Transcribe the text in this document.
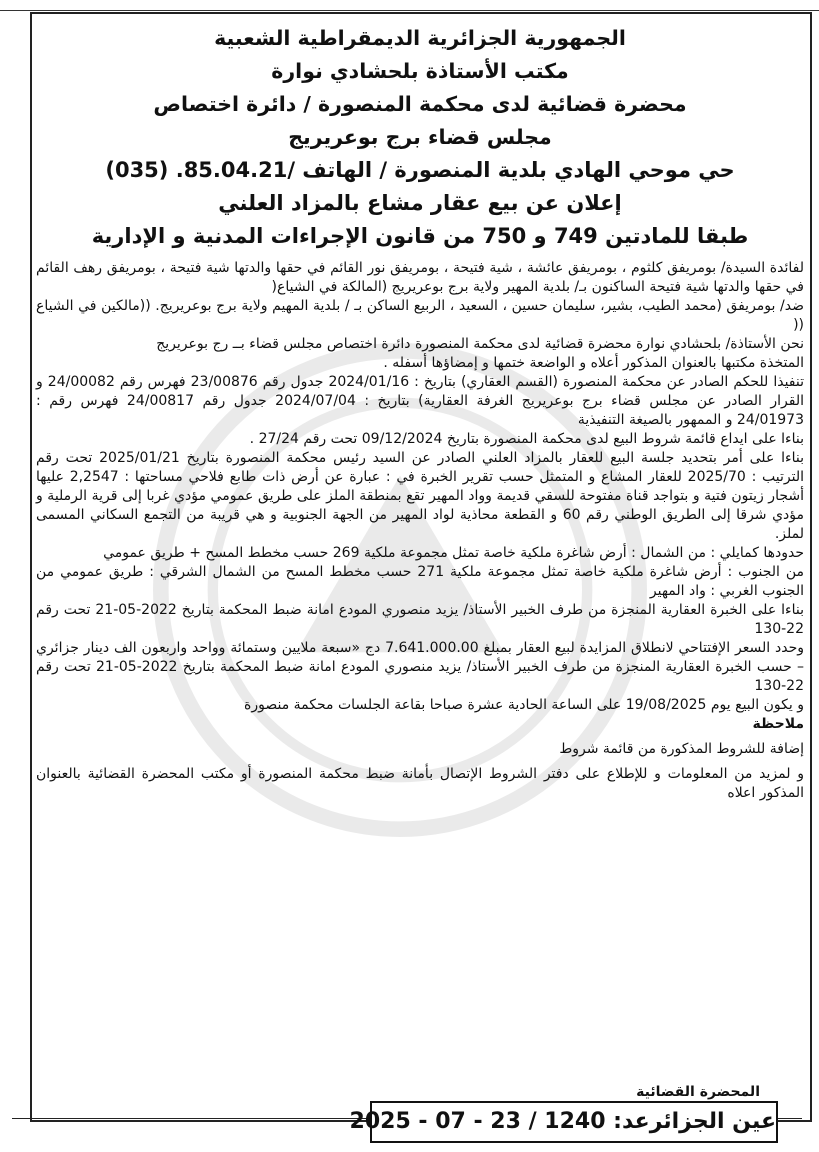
الجمهورية الجزائرية الديمقراطية الشعبية

مكتب الأستاذة بلحشادي نوارة

محضرة قضائية لدى محكمة المنصورة / دائرة اختصاص

مجلس قضاء برج بوعريريج

حي موحي الهادي بلدية المنصورة / الهاتف /85.04.21. (035)

إعلان عن بيع عقار مشاع بالمزاد العلني

طبقا للمادتين 749 و 750 من قانون الإجراءات المدنية و الإدارية

لفائدة السيدة/ بومريفق كلثوم ، بومريفق عائشة ، شية فتيحة ، بومريفق نور القائم في حقها والدتها شية فتيحة ، بومريفق رهف القائم في حقها والدتها شية فتيحة الساكنون بـ/ بلدية المهير ولاية برج بوعريريج (المالكة في الشياع(

ضد/ بومريفق (محمد الطيب، بشير، سليمان حسين ، السعيد ، الربيع الساكن بـ / بلدية المهيم ولاية برج بوعريريج. ((مالكين في الشياع ((

نحن الأستاذة/ بلحشادي نوارة محضرة قضائية لدى محكمة المنصورة دائرة اختصاص مجلس قضاء بــ رج بوعريريج

المتخذة مكتبها بالعنوان المذكور أعلاه و الواضعة ختمها و إمضاؤها أسفله .

تنفيذا للحكم الصادر عن محكمة المنصورة (القسم العقاري) بتاريخ : 2024/01/16 جدول رقم 23/00876 فهرس رقم 24/00082 و القرار الصادر عن مجلس قضاء برج بوعريريج الغرفة العقارية) بتاريخ : 2024/07/04 جدول رقم 24/00817 فهرس رقم : 24/01973 و الممهور بالصيغة التنفيذية

بناءا على ايداع قائمة شروط البيع لدى محكمة المنصورة بتاريخ 09/12/2024 تحت رقم 27/24 .

بناءا على أمر بتحديد جلسة البيع للعقار بالمزاد العلني الصادر عن السيد رئيس محكمة المنصورة بتاريخ 2025/01/21 تحت رقم الترتيب : 2025/70 للعقار المشاع و المتمثل حسب تقرير الخبرة في : عبارة عن أرض ذات طابع فلاحي مساحتها : 2,2547 عليها أشجار زيتون فتية و بتواجد قناة مفتوحة للسقي قديمة وواد المهير تقع بمنطقة الملز على طريق عمومي مؤدي غربا إلى قرية الرملية و مؤدي شرقا إلى الطريق الوطني رقم 60 و القطعة محاذية لواد المهير من الجهة الجنوبية و هي قريبة من التجمع السكاني المسمى لملز.

حدودها كمايلي : من الشمال : أرض شاغرة ملكية خاصة تمثل مجموعة ملكية 269 حسب مخطط المسح + طريق عمومي

من الجنوب : أرض شاغرة ملكية خاصة تمثل مجموعة ملكية 271 حسب مخطط المسح من الشمال الشرقي : طريق عمومي من الجنوب الغربي : واد المهير

بناءا على الخبرة العقارية المنجزة من طرف الخبير الأستاذ/ يزيد منصوري المودع امانة ضبط المحكمة بتاريخ 2022-05-21 تحت رقم 22-130

وحدد السعر الإفتتاحي لانطلاق المزايدة لبيع العقار بمبلغ 7.641.000.00 دج «سبعة ملايين وستمائة وواحد واربعون الف دينار جزائري – حسب الخبرة العقارية المنجزة من طرف الخبير الأستاذ/ يزيد منصوري المودع امانة ضبط المحكمة بتاريخ 2022-05-21 تحت رقم 22-130

و يكون البيع يوم 19/08/2025 على الساعة الحادية عشرة صباحا بقاعة الجلسات محكمة منصورة

ملاحظة

إضافة للشروط المذكورة من قائمة شروط

و لمزيد من المعلومات و للإطلاع على دفتر الشروط الإتصال بأمانة ضبط محكمة المنصورة أو مكتب المحضرة القضائية بالعنوان المذكور اعلاه

المحضرة القضائية
عين الجزائرعد: 1240 / 23 - 07 - 2025
